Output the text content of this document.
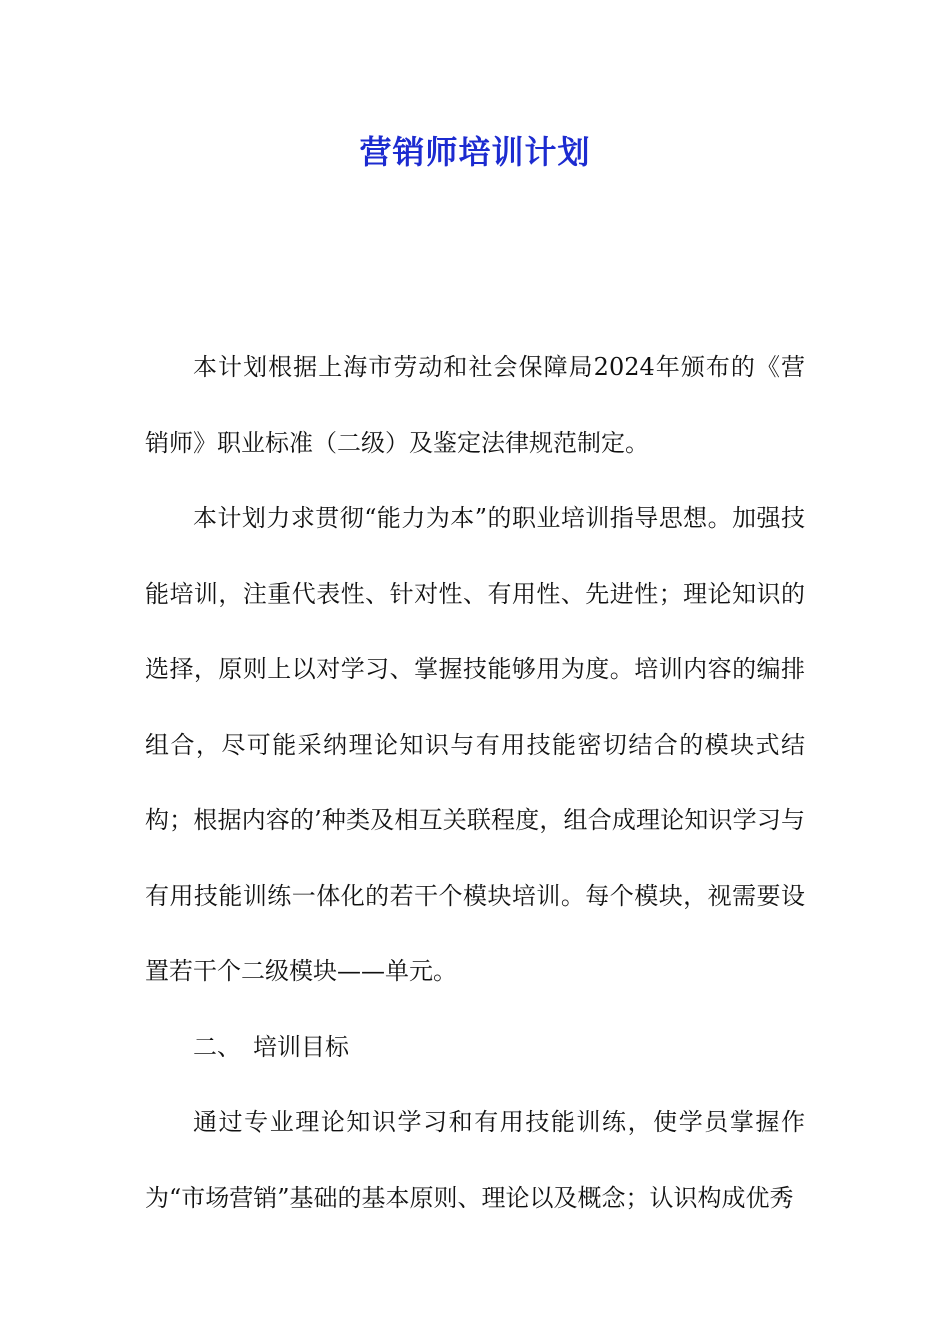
营销师培训计划

本计划根据上海市劳动和社会保障局2024年颁布的《营销师》职业标准（二级）及鉴定法律规范制定。

本计划力求贯彻“能力为本”的职业培训指导思想。加强技能培训，注重代表性、针对性、有用性、先进性；理论知识的选择，原则上以对学习、掌握技能够用为度。培训内容的编排组合，尽可能采纳理论知识与有用技能密切结合的模块式结构；根据内容的’种类及相互关联程度，组合成理论知识学习与有用技能训练一体化的若干个模块培训。每个模块，视需要设置若干个二级模块——单元。

二、 培训目标

通过专业理论知识学习和有用技能训练，使学员掌握作为“市场营销”基础的基本原则、理论以及概念；认识构成优秀
